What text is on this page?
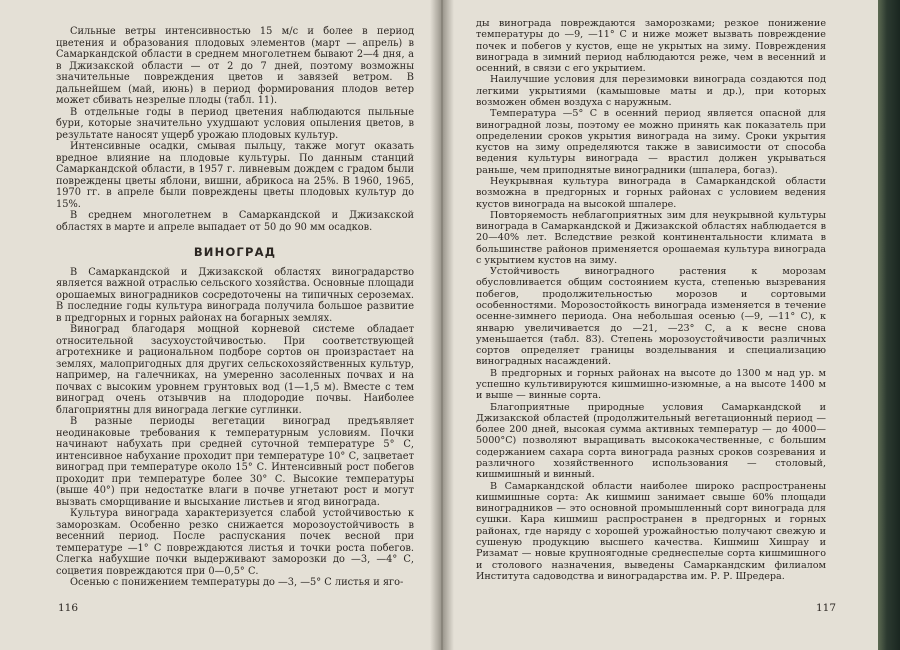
Сильные ветры интенсивностью 15 м/с и более в период цветения и образования плодовых элементов (март — апрель) в Самаркандской области в среднем многолетнем бывают 2—4 дня, а в Джизакской области — от 2 до 7 дней, поэтому возможны значительные повреждения цветов и завязей ветром. В дальнейшем (май, июнь) в период формирования плодов ветер может сбивать незрелые плоды (табл. 11).

В отдельные годы в период цветения наблюдаются пыльные бури, которые значительно ухудшают условия опыления цветов, в результате наносят ущерб урожаю плодовых культур.

Интенсивные осадки, смывая пыльцу, также могут оказать вредное влияние на плодовые культуры. По данным станций Самаркандской области, в 1957 г. ливневым дождем с градом были повреждены цветы яблони, вишни, абрикоса на 25%. В 1960, 1965, 1970 гг. в апреле были повреждены цветы плодовых культур до 15%.

В среднем многолетнем в Самаркандской и Джизакской областях в марте и апреле выпадает от 50 до 90 мм осадков.

ВИНОГРАД

В Самаркандской и Джизакской областях виноградарство является важной отраслью сельского хозяйства. Основные площади орошаемых виноградников сосредоточены на типичных сероземах. В последние годы культура винограда получила большое развитие в предгорных и горных районах на богарных землях.

Виноград благодаря мощной корневой системе обладает относительной засухоустойчивостью. При соответствующей агротехнике и рациональном подборе сортов он произрастает на землях, малопригодных для других сельскохозяйственных культур, например, на галечниках, на умеренно засоленных почвах и на почвах с высоким уровнем грунтовых вод (1—1,5 м). Вместе с тем виноград очень отзывчив на плодородие почвы. Наиболее благоприятны для винограда легкие суглинки.

В разные периоды вегетации виноград предъявляет неодинаковые требования к температурным условиям. Почки начинают набухать при средней суточной температуре 5° С, интенсивное набухание проходит при температуре 10° С, зацветает виноград при температуре около 15° С. Интенсивный рост побегов проходит при температуре более 30° С. Высокие температуры (выше 40°) при недостатке влаги в почве угнетают рост и могут вызвать сморщивание и высыхание листьев и ягод винограда.

Культура винограда характеризуется слабой устойчивостью к заморозкам. Особенно резко снижается морозоустойчивость в весенний период. После распускания почек весной при температуре —1° С повреждаются листья и точки роста побегов. Слегка набухшие почки выдерживают заморозки до —3, —4° С, соцветия повреждаются при 0—0,5° С.

Осенью с понижением температуры до —3, —5° С листья и яго-

116

ды винограда повреждаются заморозками; резкое понижение температуры до —9, —11° С и ниже может вызвать повреждение почек и побегов у кустов, еще не укрытых на зиму. Повреждения винограда в зимний период наблюдаются реже, чем в весенний и осенний, в связи с его укрытием.

Наилучшие условия для перезимовки винограда создаются под легкими укрытиями (камышовые маты и др.), при которых возможен обмен воздуха с наружным.

Температура —5° С в осенний период является опасной для виноградной лозы, поэтому ее можно принять как показатель при определении сроков укрытия винограда на зиму. Сроки укрытия кустов на зиму определяются также в зависимости от способа ведения культуры винограда — врастил должен укрываться раньше, чем приподнятые виноградники (шпалера, богаз).

Неукрывная культура винограда в Самаркандской области возможна в предгорных и горных районах с условием ведения кустов винограда на высокой шпалере.

Повторяемость неблагоприятных зим для неукрывной культуры винограда в Самаркандской и Джизакской областях наблюдается в 20—40% лет. Вследствие резкой континентальности климата в большинстве районов применяется орошаемая культура винограда с укрытием кустов на зиму.

Устойчивость виноградного растения к морозам обусловливается общим состоянием куста, степенью вызревания побегов, продолжительностью морозов и сортовыми особенностями. Морозостойкость винограда изменяется в течение осенне-зимнего периода. Она небольшая осенью (—9, —11° С), к январю увеличивается до —21, —23° С, а к весне снова уменьшается (табл. 83). Степень морозоустойчивости различных сортов определяет границы возделывания и специализацию виноградных насаждений.

В предгорных и горных районах на высоте до 1300 м над ур. м успешно культивируются кишмишно-изюмные, а на высоте 1400 м и выше — винные сорта.

Благоприятные природные условия Самаркандской и Джизакской областей (продолжительный вегетационный период — более 200 дней, высокая сумма активных температур — до 4000—5000°С) позволяют выращивать высококачественные, с большим содержанием сахара сорта винограда разных сроков созревания и различного хозяйственного использования — столовый, кишмишный и винный.

В Самаркандской области наиболее широко распространены кишмишные сорта: Ак кишмиш занимает свыше 60% площади виноградников — это основной промышленный сорт винограда для сушки. Кара кишмиш распространен в предгорных и горных районах, где наряду с хорошей урожайностью получают свежую и сушеную продукцию высшего качества. Кишмиш Хишрау и Ризамат — новые крупноягодные среднеспелые сорта кишмишного и столового назначения, выведены Самаркандским филиалом Института садоводства и виноградарства им. Р. Р. Шредера.

117
